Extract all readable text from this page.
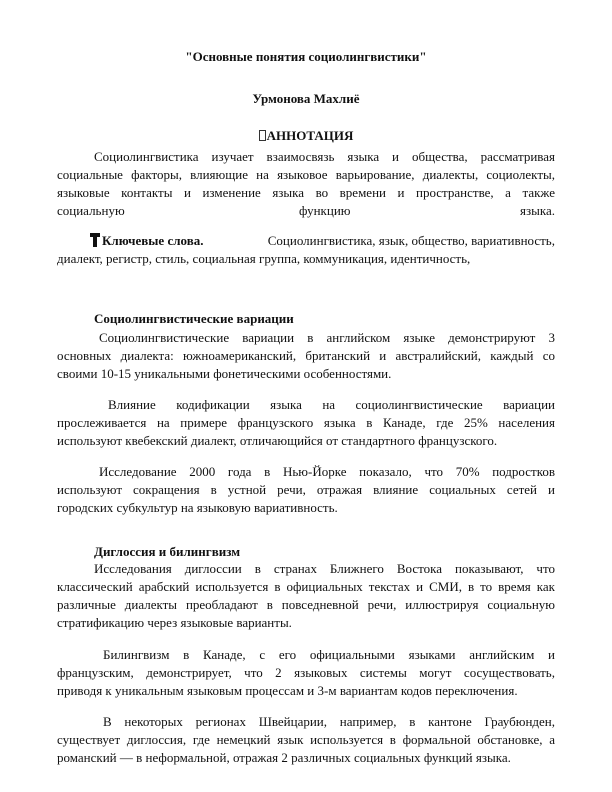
"Основные понятия социолингвистики"
Урмонова Махлиё
АННОТАЦИЯ
Социолингвистика изучает взаимосвязь языка и общества, рассматривая
социальные факторы, влияющие на языковое варьирование, диалекты, социолекты,
языковые контакты и изменение языка во времени и пространстве, а также
социальную	функцию	языка.
Ключевые слова.	Социолингвистика, язык, общество, вариативность,
диалект, регистр, стиль, социальная группа, коммуникация, идентичность,
Социолингвистические вариации
Социолингвистические вариации в английском языке демонстрируют 3
основных диалекта: южноамериканский, британский и австралийский, каждый со
своими 10-15 уникальными фонетическими особенностями.
Влияние кодификации языка на социолингвистические вариации
прослеживается на примере французского языка в Канаде, где 25% населения
используют квебекский диалект, отличающийся от стандартного французского.
Исследование 2000 года в Нью-Йорке показало, что 70% подростков
используют сокращения в устной речи, отражая влияние социальных сетей и
городских субкультур на языковую вариативность.
Диглоссия и билингвизм
Исследования диглоссии в странах Ближнего Востока показывают, что
классический арабский используется в официальных текстах и СМИ, в то время как
различные диалекты преобладают в повседневной речи, иллюстрируя социальную
стратификацию через языковые варианты.
Билингвизм в Канаде, с его официальными языками английским и
французским, демонстрирует, что 2 языковых системы могут сосуществовать,
приводя к уникальным языковым процессам и 3-м вариантам кодов переключения.
В некоторых регионах Швейцарии, например, в кантоне Граубюнден,
существует диглоссия, где немецкий язык используется в формальной обстановке, а
романский — в неформальной, отражая 2 различных социальных функций языка.
